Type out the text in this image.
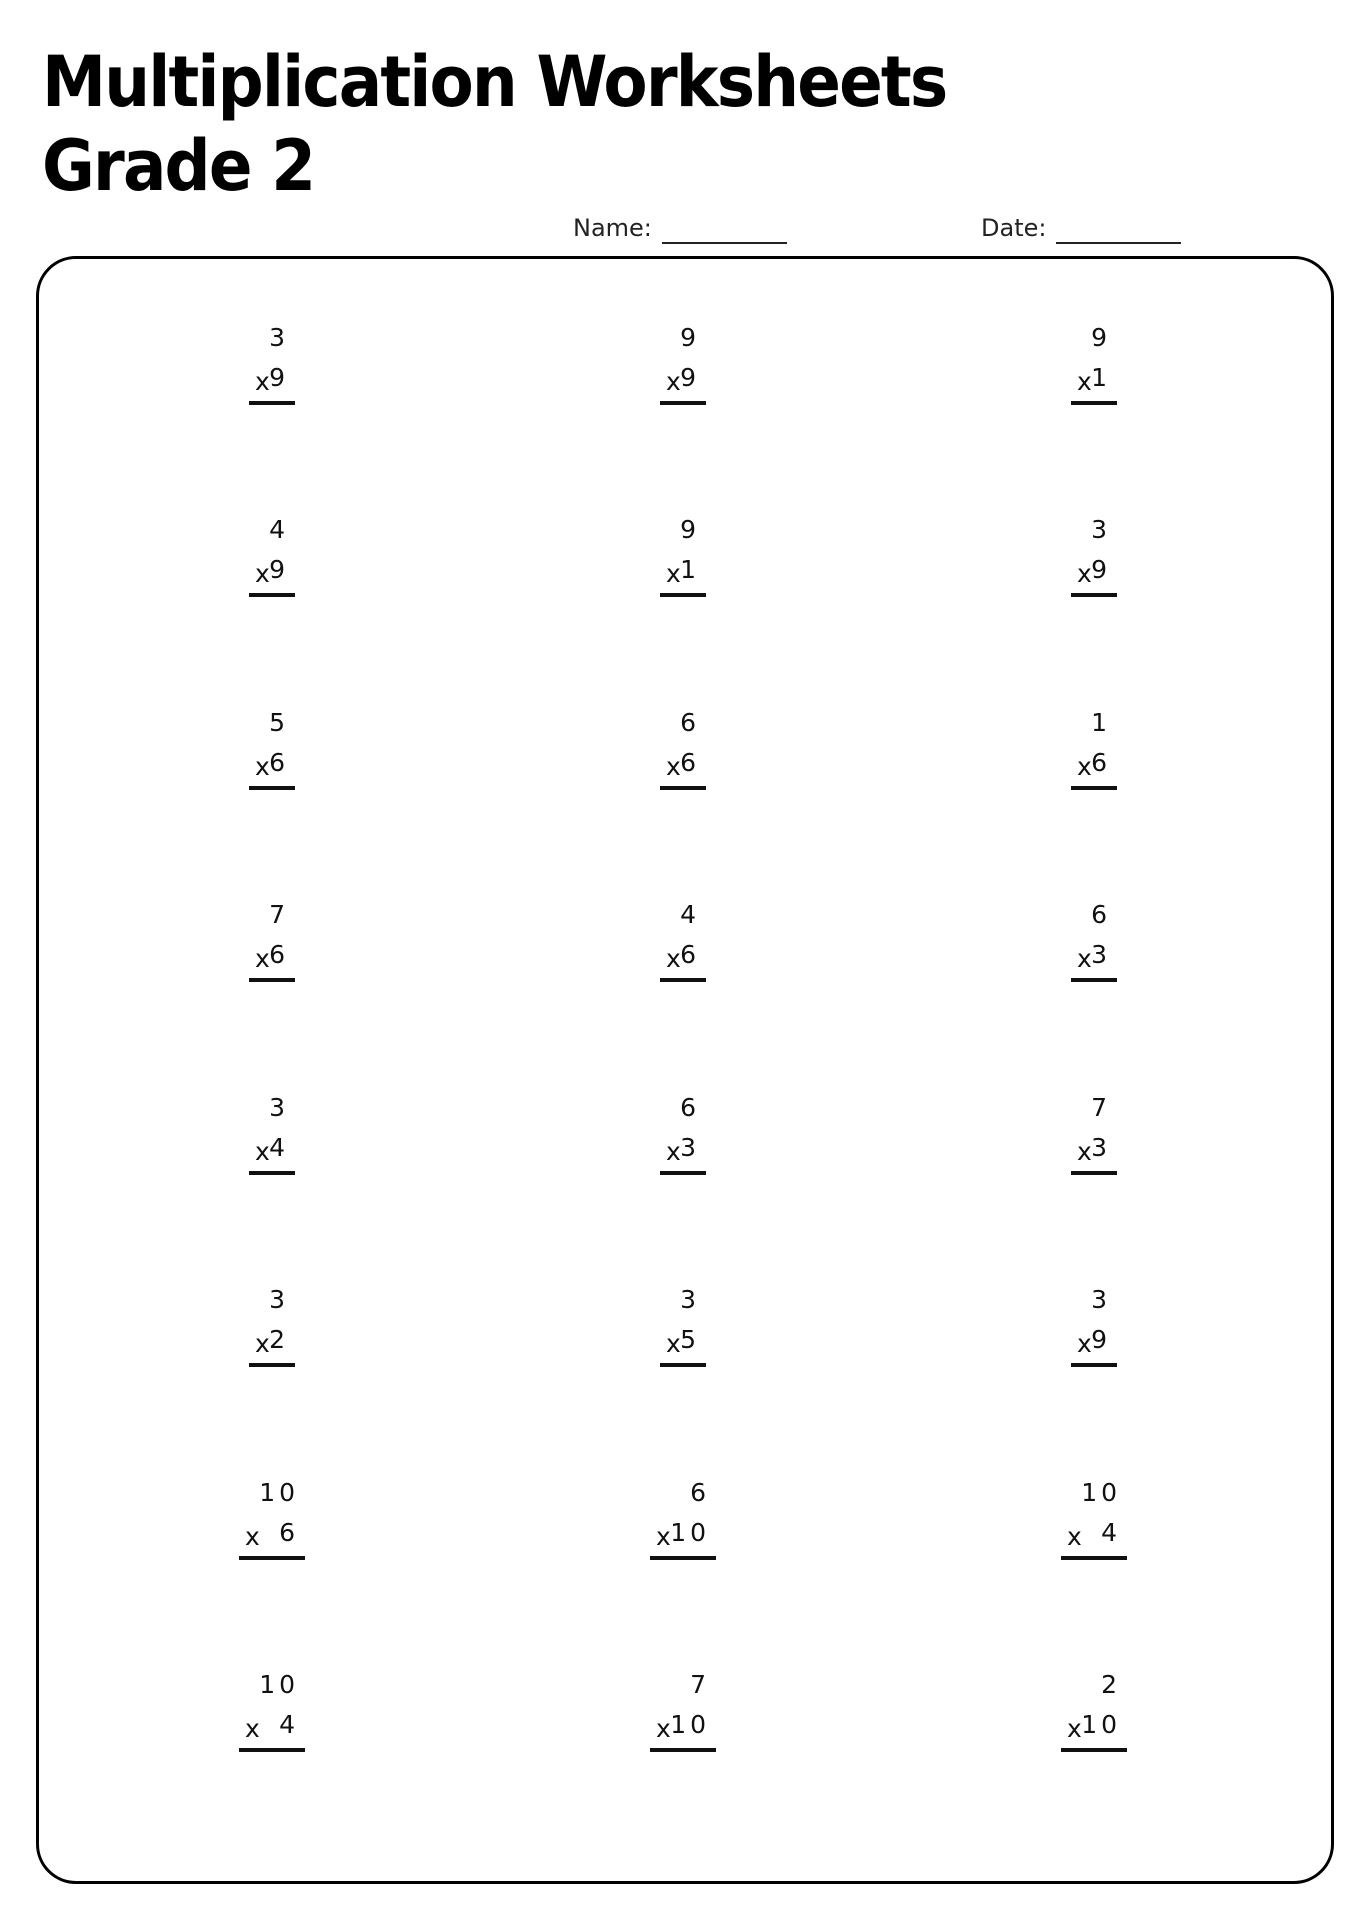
Multiplication Worksheets
Grade 2
Name:	Date:
3
x 9
9
x 9
9
x 1
4
x 9
9
x 1
3
x 9
5
x 6
6
x 6
1
x 6
7
x 6
4
x 6
6
x 3
3
x 4
6
x 3
7
x 3
3
x 2
3
x 5
3
x 9
10
x 6
6
x 10
10
x 4
10
x 4
7
x 10
2
x 10
